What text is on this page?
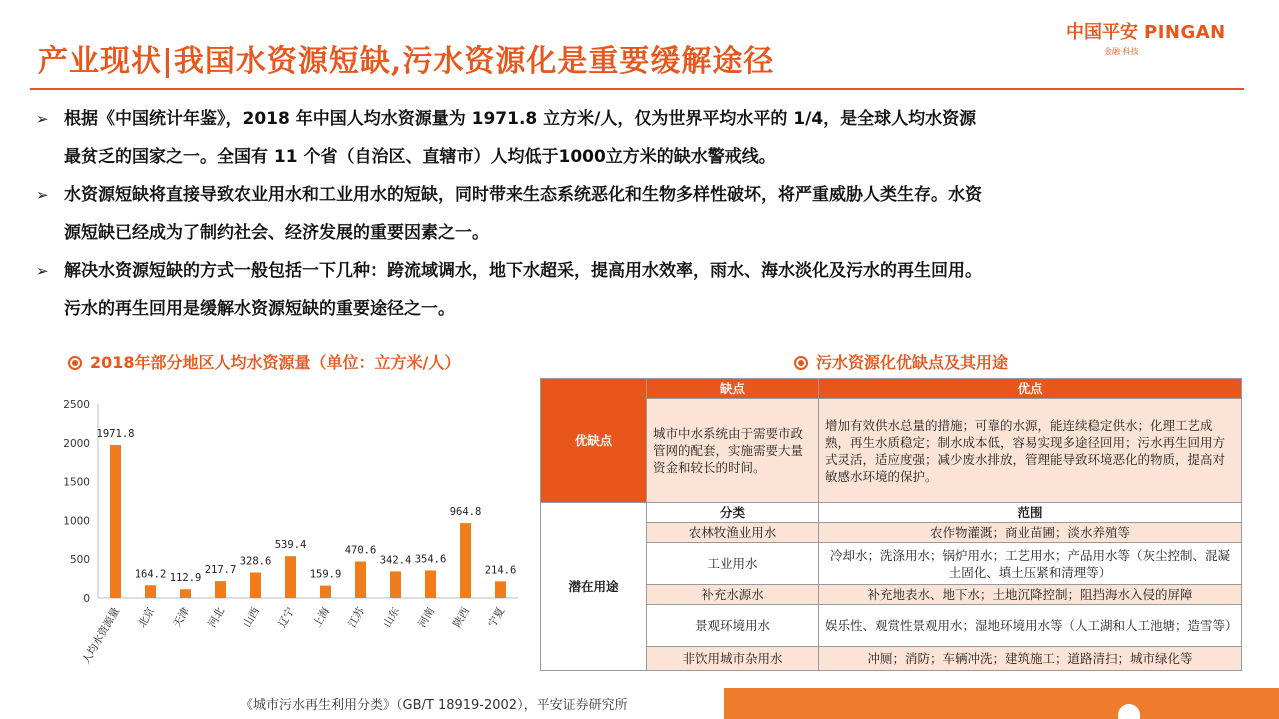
产业现状|我国水资源短缺,污水资源化是重要缓解途径
中国平安 PINGAN
金融·科技
➢ 根据《中国统计年鉴》，2018 年中国人均水资源量为 1971.8 立方米/人，仅为世界平均水平的 1/4，是全球人均水资源
最贫乏的国家之一。全国有 11 个省（自治区、直辖市）人均低于1000立方米的缺水警戒线。
➢ 水资源短缺将直接导致农业用水和工业用水的短缺，同时带来生态系统恶化和生物多样性破坏，将严重威胁人类生存。水资
源短缺已经成为了制约社会、经济发展的重要因素之一。
➢ 解决水资源短缺的方式一般包括一下几种：跨流域调水，地下水超采，提高用水效率，雨水、海水淡化及污水的再生回用。
污水的再生回用是缓解水资源短缺的重要途径之一。
2018年部分地区人均水资源量（单位：立方米/人）	污水资源化优缺点及其用途
0
500
1000
1500
2000
2500
1971.8
人均水资源量
164.2
北京
112.9
天津
217.7
河北
328.6
山西
539.4
辽宁
159.9
上海
470.6
江苏
342.4
山东
354.6
河南
964.8
陕西
214.6
宁夏
优缺点	缺点	优点
	城市中水系统由于需要市政管网的配套，实施需要大量资金和较长的时间。	增加有效供水总量的措施；可靠的水源，能连续稳定供水；化理工艺成熟，再生水质稳定；制水成本低，容易实现多途径回用；污水再生回用方式灵活，适应度强；减少废水排放，管理能导致环境恶化的物质，提高对敏感水环境的保护。
潜在用途	分类	范围
	农林牧渔业用水	农作物灌溉；商业苗圃；淡水养殖等
	工业用水	冷却水；洗涤用水；锅炉用水；工艺用水；产品用水等（灰尘控制、混凝土固化、填土压紧和清理等）
	补充水源水	补充地表水、地下水；土地沉降控制；阻挡海水入侵的屏障
	景观环境用水	娱乐性、观赏性景观用水；湿地环境用水等（人工湖和人工池塘；造雪等）
	非饮用城市杂用水	冲厕；消防；车辆冲洗；建筑施工；道路清扫；城市绿化等
《城市污水再生利用分类》（GB/T 18919-2002），平安证券研究所
